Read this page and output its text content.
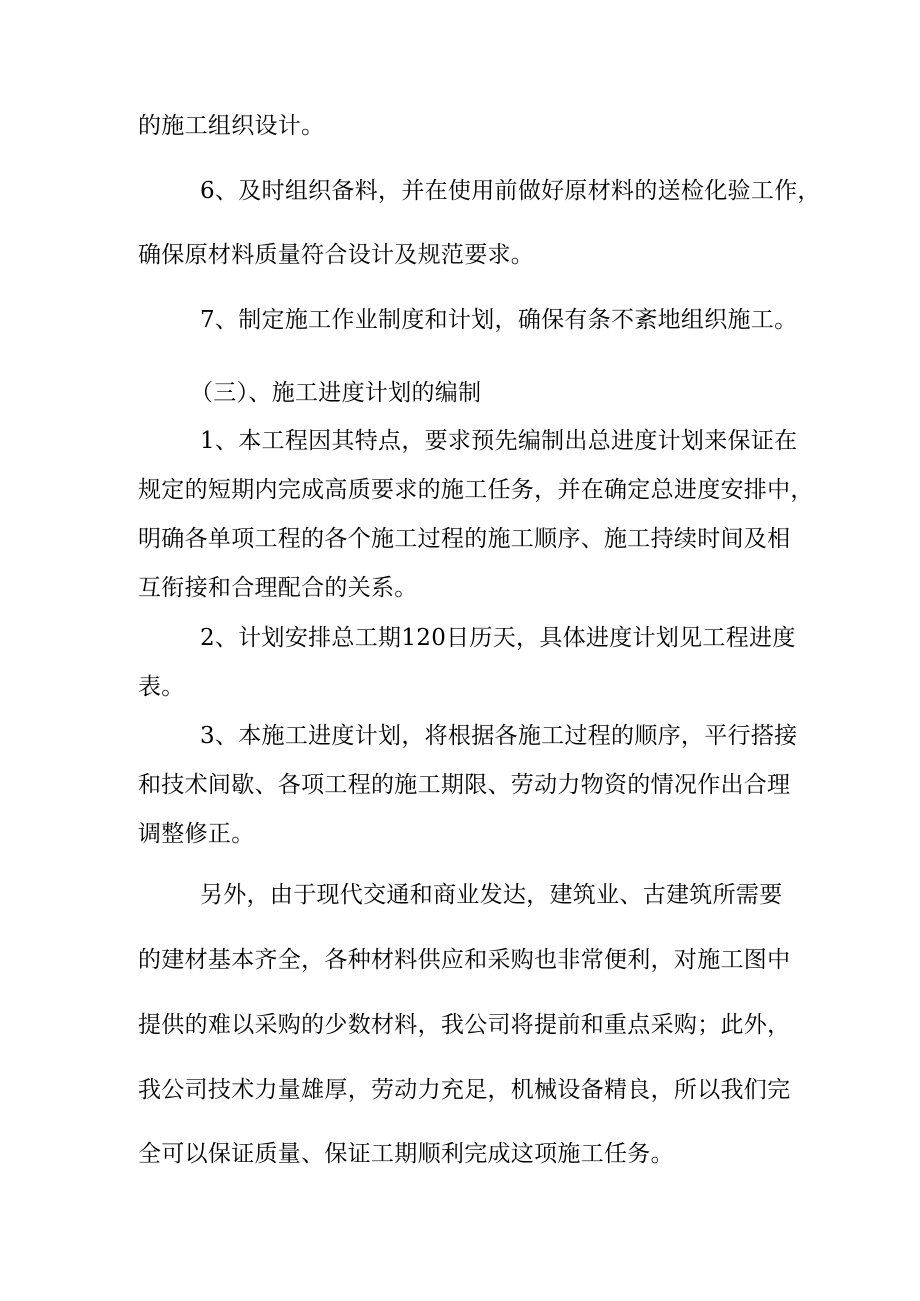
的施工组织设计。
6、及时组织备料，并在使用前做好原材料的送检化验工作，
确保原材料质量符合设计及规范要求。
7、制定施工作业制度和计划，确保有条不紊地组织施工。
（三）、施工进度计划的编制
1、本工程因其特点，要求预先编制出总进度计划来保证在
规定的短期内完成高质要求的施工任务，并在确定总进度安排中，
明确各单项工程的各个施工过程的施工顺序、施工持续时间及相
互衔接和合理配合的关系。
2、计划安排总工期120日历天，具体进度计划见工程进度
表。
3、本施工进度计划，将根据各施工过程的顺序，平行搭接
和技术间歇、各项工程的施工期限、劳动力物资的情况作出合理
调整修正。
另外，由于现代交通和商业发达，建筑业、古建筑所需要
的建材基本齐全，各种材料供应和采购也非常便利，对施工图中
提供的难以采购的少数材料，我公司将提前和重点采购；此外，
我公司技术力量雄厚，劳动力充足，机械设备精良，所以我们完
全可以保证质量、保证工期顺利完成这项施工任务。
